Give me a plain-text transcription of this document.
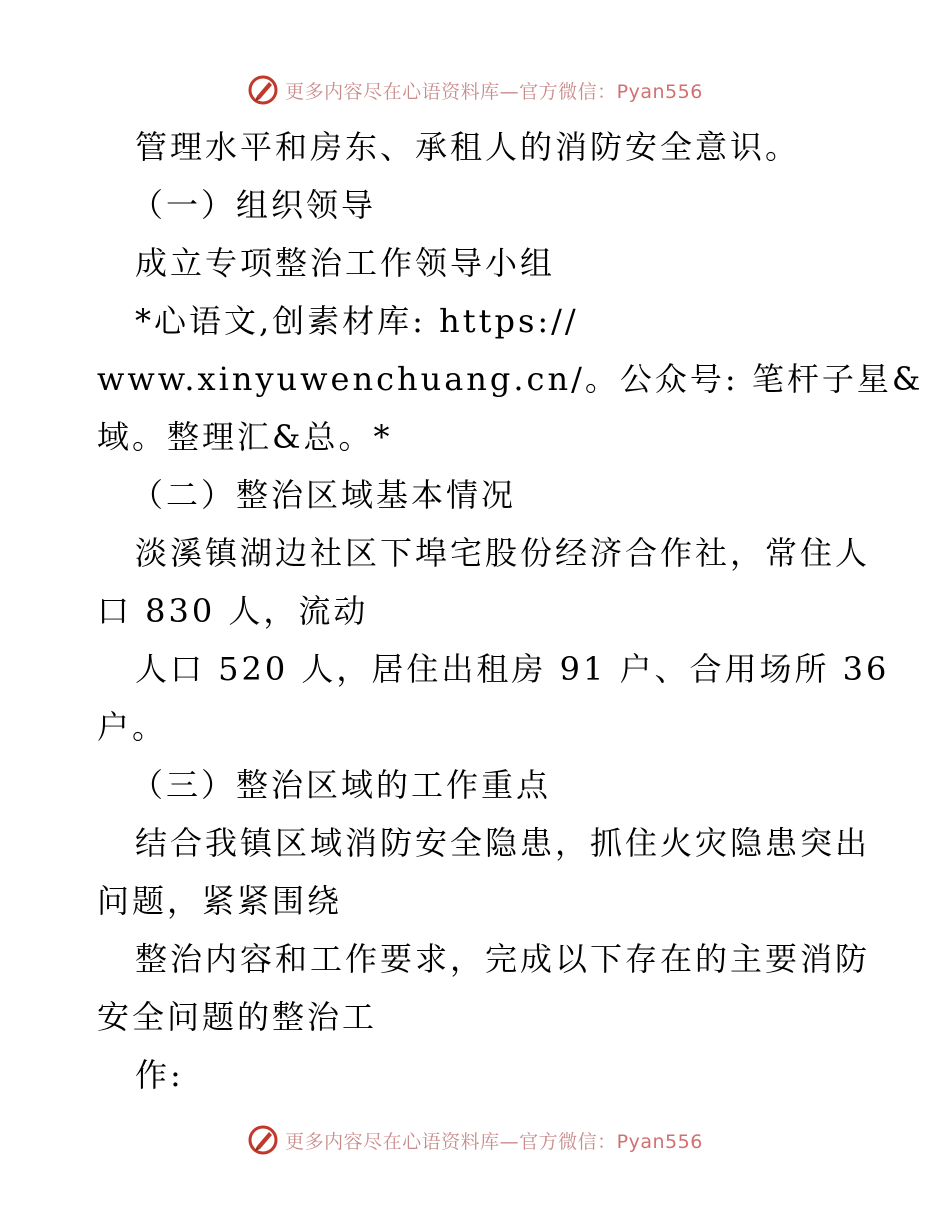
更多内容尽在心语资料库—官方微信：Pyan556
管理水平和房东、承租人的消防安全意识。
（一）组织领导
成立专项整治工作领导小组
*心语文,创素材库: https://
www.xinyuwenchuang.cn/。公众号: 笔杆子星&
域。整理汇&总。*
（二）整治区域基本情况
淡溪镇湖边社区下埠宅股份经济合作社，常住人
口 830 人，流动
人口 520 人，居住出租房 91 户、合用场所 36
户。
（三）整治区域的工作重点
结合我镇区域消防安全隐患，抓住火灾隐患突出
问题，紧紧围绕
整治内容和工作要求，完成以下存在的主要消防
安全问题的整治工
作:
更多内容尽在心语资料库—官方微信：Pyan556
